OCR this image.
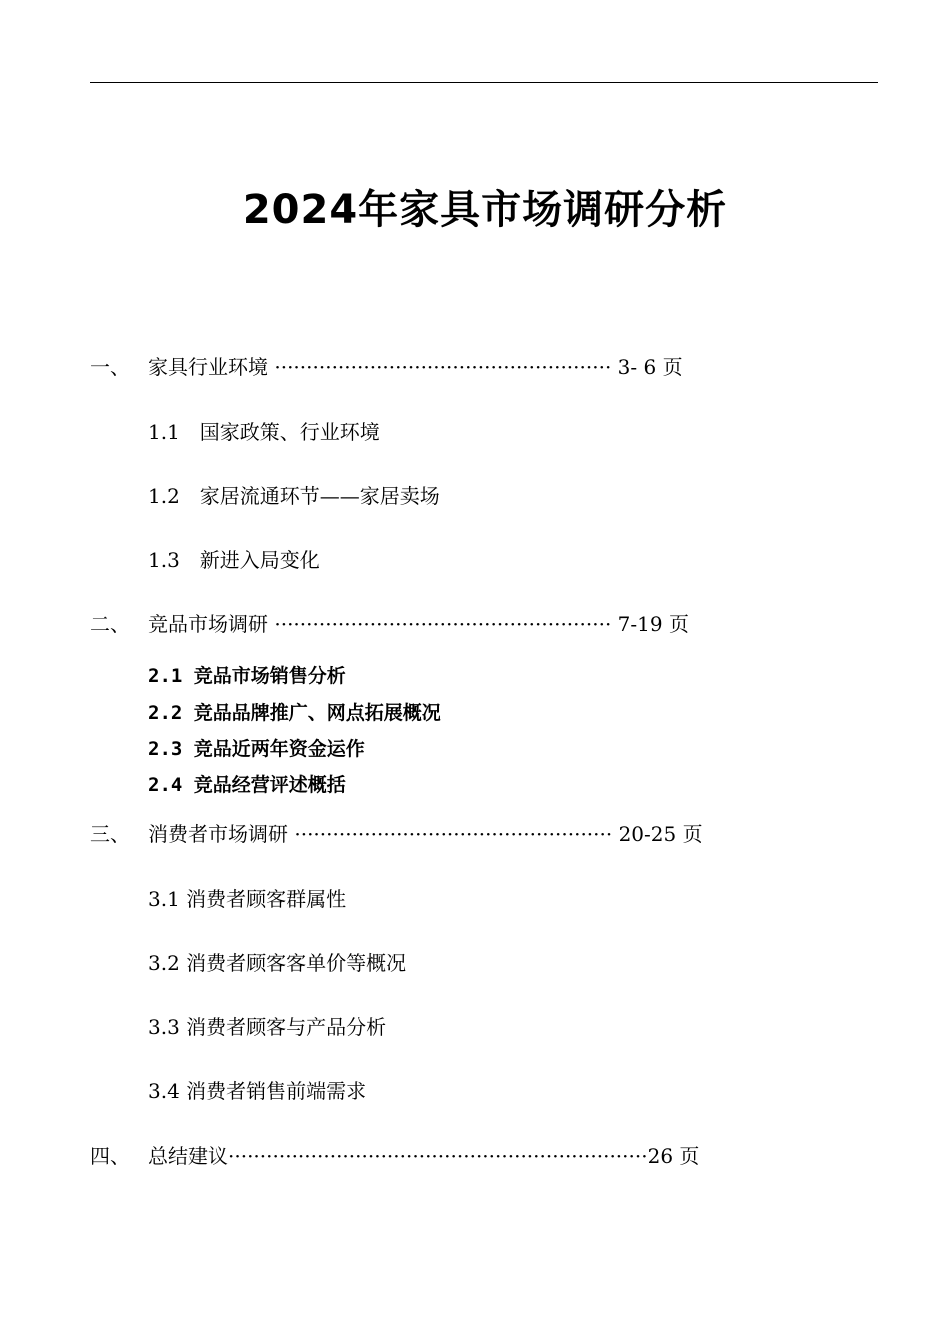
2024年家具市场调研分析
一、 家具行业环境 ····················································· 3- 6 页
1.1　国家政策、行业环境
1.2　家居流通环节——家居卖场
1.3　新进入局变化
二、 竞品市场调研 ····················································· 7-19 页
2.1 竞品市场销售分析
2.2 竞品品牌推广、网点拓展概况
2.3 竞品近两年资金运作
2.4 竞品经营评述概括
三、 消费者市场调研 ·················································· 20-25 页
3.1 消费者顾客群属性
3.2 消费者顾客客单价等概况
3.3 消费者顾客与产品分析
3.4 消费者销售前端需求
四、 总结建议··································································26 页
